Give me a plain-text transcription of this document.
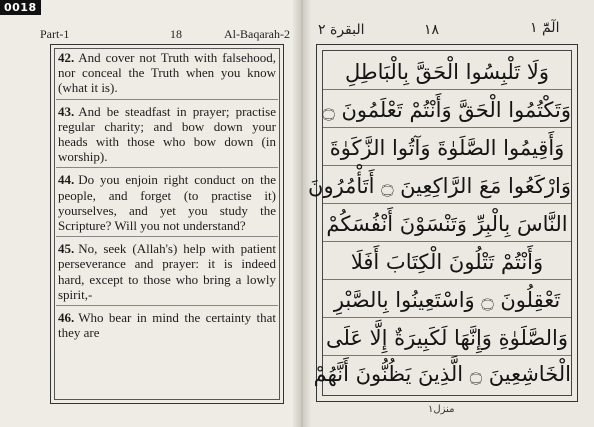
0018
Part-1	18	Al-Baqarah-2 البقرة ٢	١٨	الٓمّٓ ١
42. And cover not Truth with falsehood, nor conceal the Truth when you know (what it is).
43. And be steadfast in prayer; practise regular charity; and bow down your heads with those who bow down (in worship).
44. Do you enjoin right conduct on the people, and forget (to practise it) yourselves, and yet you study the Scripture? Will you not understand?
45. No, seek (Allah's) help with patient perseverance and prayer: it is indeed hard, except to those who bring a lowly spirit,-
46. Who bear in mind the certainty that they are
وَلَا تَلْبِسُوا الْحَقَّ بِالْبَاطِلِ
وَتَكْتُمُوا الْحَقَّ وَأَنْتُمْ تَعْلَمُونَ ۝
وَأَقِيمُوا الصَّلَوٰةَ وَآتُوا الزَّكَوٰةَ
وَارْكَعُوا مَعَ الرَّاكِعِينَ ۝ أَتَأْمُرُونَ
النَّاسَ بِالْبِرِّ وَتَنْسَوْنَ أَنْفُسَكُمْ
وَأَنْتُمْ تَتْلُونَ الْكِتَابَ أَفَلَا
تَعْقِلُونَ ۝ وَاسْتَعِينُوا بِالصَّبْرِ
وَالصَّلَوٰةِ وَإِنَّهَا لَكَبِيرَةٌ إِلَّا عَلَى
الْخَاشِعِينَ ۝ الَّذِينَ يَظُنُّونَ أَنَّهُمْ
منزل١
